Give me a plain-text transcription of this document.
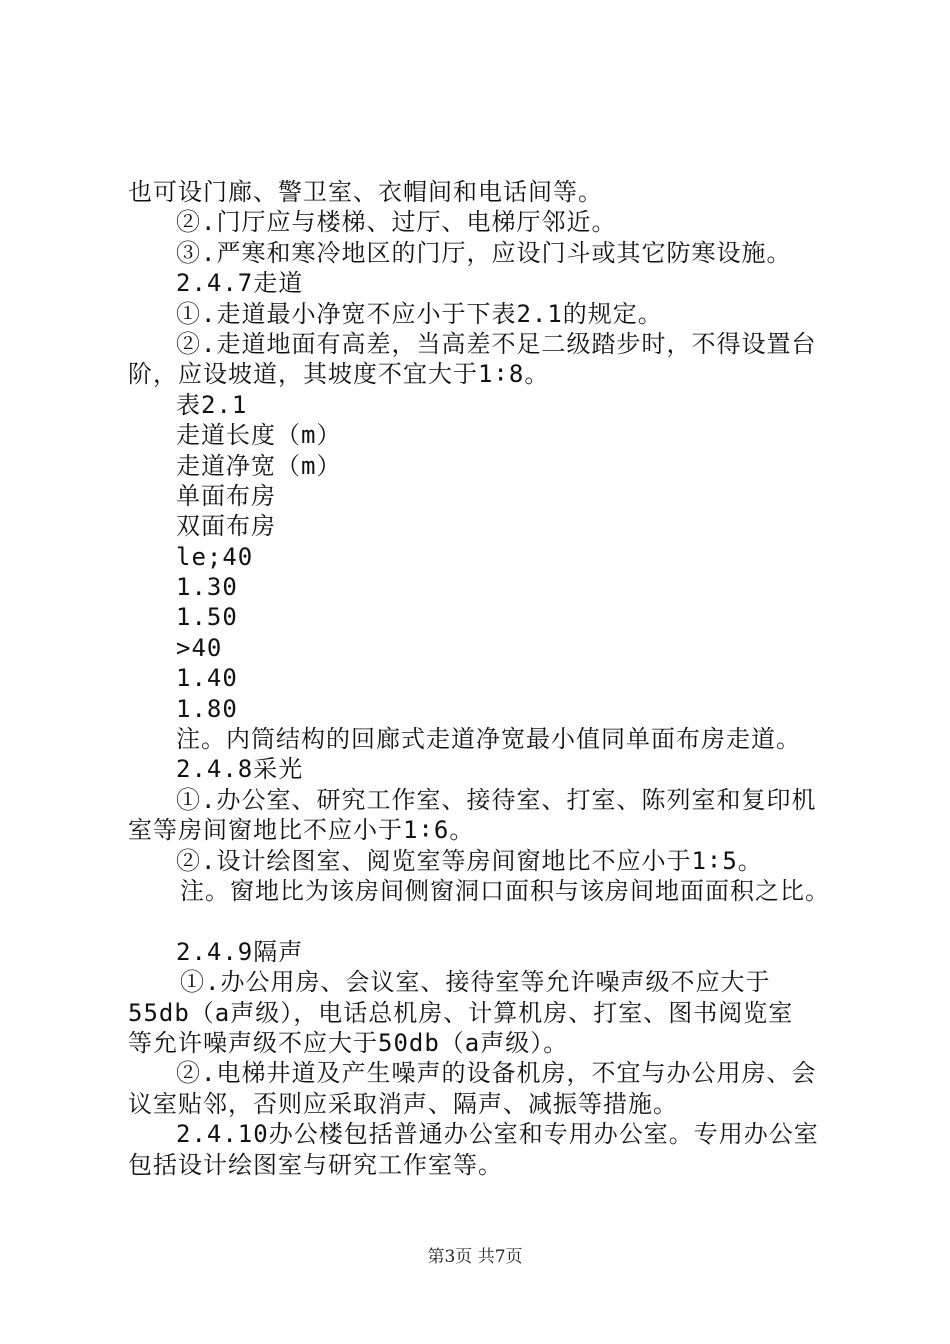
也可设门廊、警卫室、衣帽间和电话间等。
②.门厅应与楼梯、过厅、电梯厅邻近。
③.严寒和寒冷地区的门厅，应设门斗或其它防寒设施。
2.4.7走道
①.走道最小净宽不应小于下表2.1的规定。
②.走道地面有高差，当高差不足二级踏步时，不得设置台
阶，应设坡道，其坡度不宜大于1∶8。
表2.1
走道长度（m）
走道净宽（m）
单面布房
双面布房
le;40
1.30
1.50
>40
1.40
1.80
注。内筒结构的回廊式走道净宽最小值同单面布房走道。
2.4.8采光
①.办公室、研究工作室、接待室、打室、陈列室和复印机
室等房间窗地比不应小于1∶6。
②.设计绘图室、阅览室等房间窗地比不应小于1∶5。
注。窗地比为该房间侧窗洞口面积与该房间地面面积之比。
2.4.9隔声
①.办公用房、会议室、接待室等允许噪声级不应大于
55db（a声级），电话总机房、计算机房、打室、图书阅览室
等允许噪声级不应大于50db（a声级）。
②.电梯井道及产生噪声的设备机房，不宜与办公用房、会
议室贴邻，否则应采取消声、隔声、减振等措施。
2.4.10办公楼包括普通办公室和专用办公室。专用办公室
包括设计绘图室与研究工作室等。
第3页 共7页
